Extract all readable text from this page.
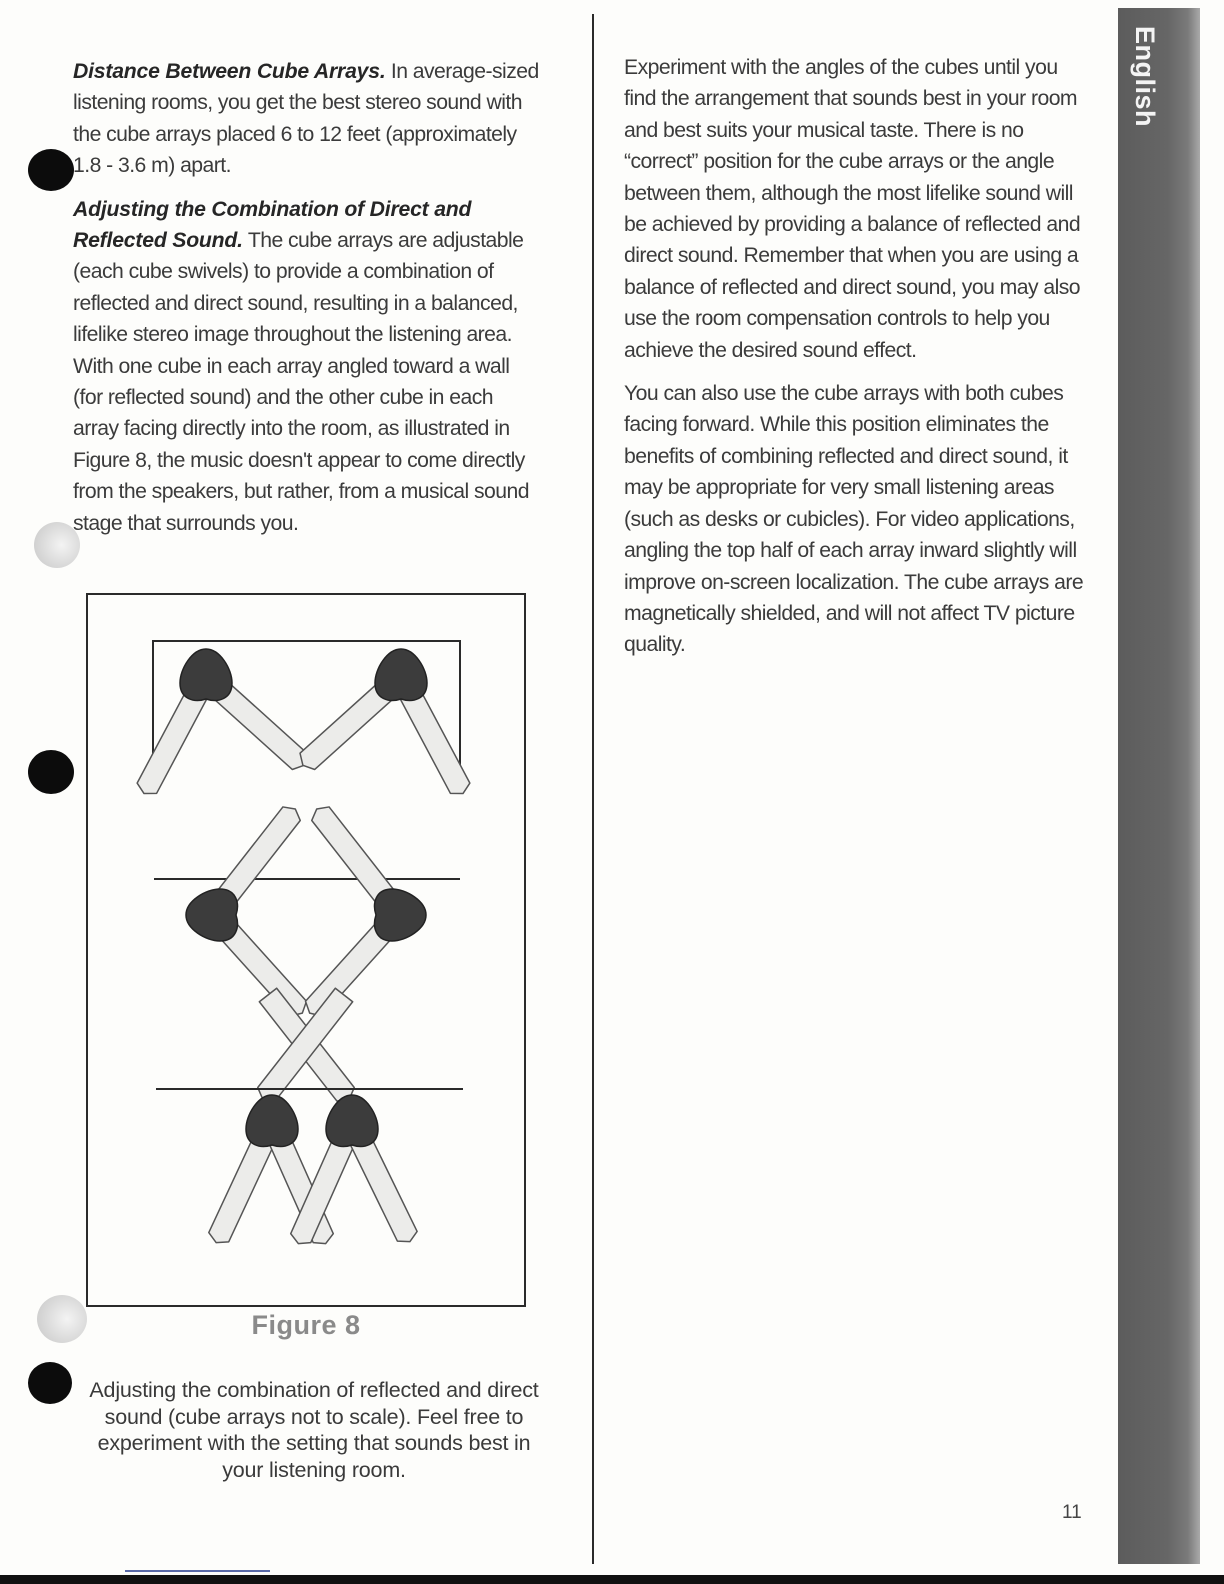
Distance Between Cube Arrays. In average-sized listening rooms, you get the best stereo sound with the cube arrays placed 6 to 12 feet (approximately 1.8 - 3.6 m) apart.

Adjusting the Combination of Direct and Reflected Sound. The cube arrays are adjustable (each cube swivels) to provide a combination of reflected and direct sound, resulting in a balanced, lifelike stereo image throughout the listening area. With one cube in each array angled toward a wall (for reflected sound) and the other cube in each array facing directly into the room, as illustrated in Figure 8, the music doesn't appear to come directly from the speakers, but rather, from a musical sound stage that surrounds you.

Figure 8

Adjusting the combination of reflected and direct sound (cube arrays not to scale). Feel free to experiment with the setting that sounds best in your listening room.

Experiment with the angles of the cubes until you find the arrangement that sounds best in your room and best suits your musical taste. There is no “correct” position for the cube arrays or the angle between them, although the most lifelike sound will be achieved by providing a balance of reflected and direct sound. Remember that when you are using a balance of reflected and direct sound, you may also use the room compensation controls to help you achieve the desired sound effect.

You can also use the cube arrays with both cubes facing forward. While this position eliminates the benefits of combining reflected and direct sound, it may be appropriate for very small listening areas (such as desks or cubicles). For video applications, angling the top half of each array inward slightly will improve on-screen localization. The cube arrays are magnetically shielded, and will not affect TV picture quality.

English
11
